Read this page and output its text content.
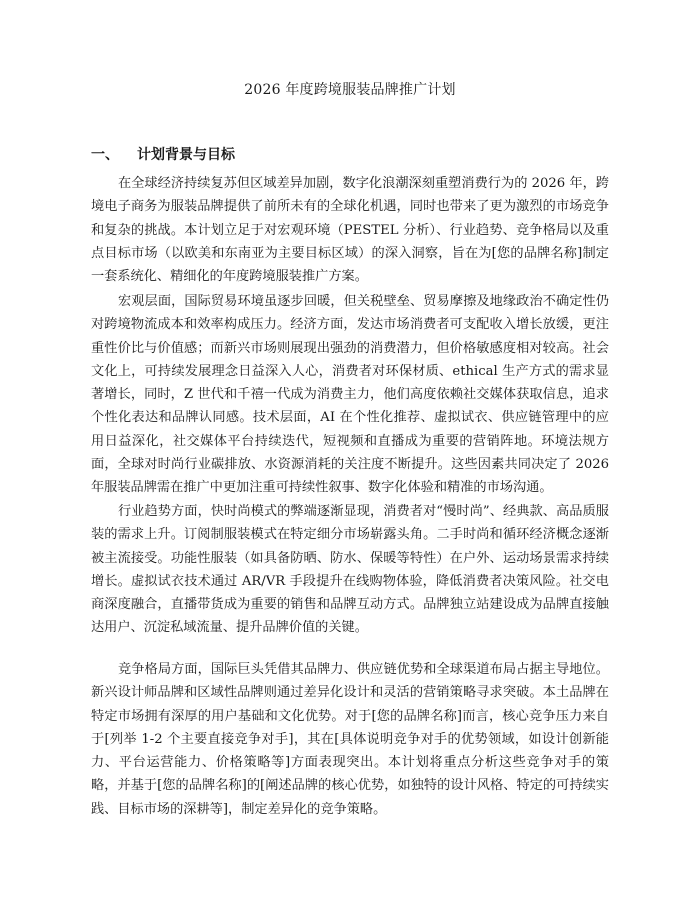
2026 年度跨境服装品牌推广计划
一、 计划背景与目标

在全球经济持续复苏但区域差异加剧，数字化浪潮深刻重塑消费行为的 2026 年，跨境电子商务为服装品牌提供了前所未有的全球化机遇，同时也带来了更为激烈的市场竞争和复杂的挑战。本计划立足于对宏观环境（PESTEL 分析）、行业趋势、竞争格局以及重点目标市场（以欧美和东南亚为主要目标区域）的深入洞察，旨在为[您的品牌名称]制定一套系统化、精细化的年度跨境服装推广方案。

宏观层面，国际贸易环境虽逐步回暖，但关税壁垒、贸易摩擦及地缘政治不确定性仍对跨境物流成本和效率构成压力。经济方面，发达市场消费者可支配收入增长放缓，更注重性价比与价值感；而新兴市场则展现出强劲的消费潜力，但价格敏感度相对较高。社会文化上，可持续发展理念日益深入人心，消费者对环保材质、ethical 生产方式的需求显著增长，同时，Z 世代和千禧一代成为消费主力，他们高度依赖社交媒体获取信息，追求个性化表达和品牌认同感。技术层面，AI 在个性化推荐、虚拟试衣、供应链管理中的应用日益深化，社交媒体平台持续迭代，短视频和直播成为重要的营销阵地。环境法规方面，全球对时尚行业碳排放、水资源消耗的关注度不断提升。这些因素共同决定了 2026 年服装品牌需在推广中更加注重可持续性叙事、数字化体验和精准的市场沟通。

行业趋势方面，快时尚模式的弊端逐渐显现，消费者对“慢时尚”、经典款、高品质服装的需求上升。订阅制服装模式在特定细分市场崭露头角。二手时尚和循环经济概念逐渐被主流接受。功能性服装（如具备防晒、防水、保暖等特性）在户外、运动场景需求持续增长。虚拟试衣技术通过 AR/VR 手段提升在线购物体验，降低消费者决策风险。社交电商深度融合，直播带货成为重要的销售和品牌互动方式。品牌独立站建设成为品牌直接触达用户、沉淀私域流量、提升品牌价值的关键。

竞争格局方面，国际巨头凭借其品牌力、供应链优势和全球渠道布局占据主导地位。新兴设计师品牌和区域性品牌则通过差异化设计和灵活的营销策略寻求突破。本土品牌在特定市场拥有深厚的用户基础和文化优势。对于[您的品牌名称]而言，核心竞争压力来自于[列举 1-2 个主要直接竞争对手]，其在[具体说明竞争对手的优势领域，如设计创新能力、平台运营能力、价格策略等]方面表现突出。本计划将重点分析这些竞争对手的策略，并基于[您的品牌名称]的[阐述品牌的核心优势，如独特的设计风格、特定的可持续实践、目标市场的深耕等]，制定差异化的竞争策略。
